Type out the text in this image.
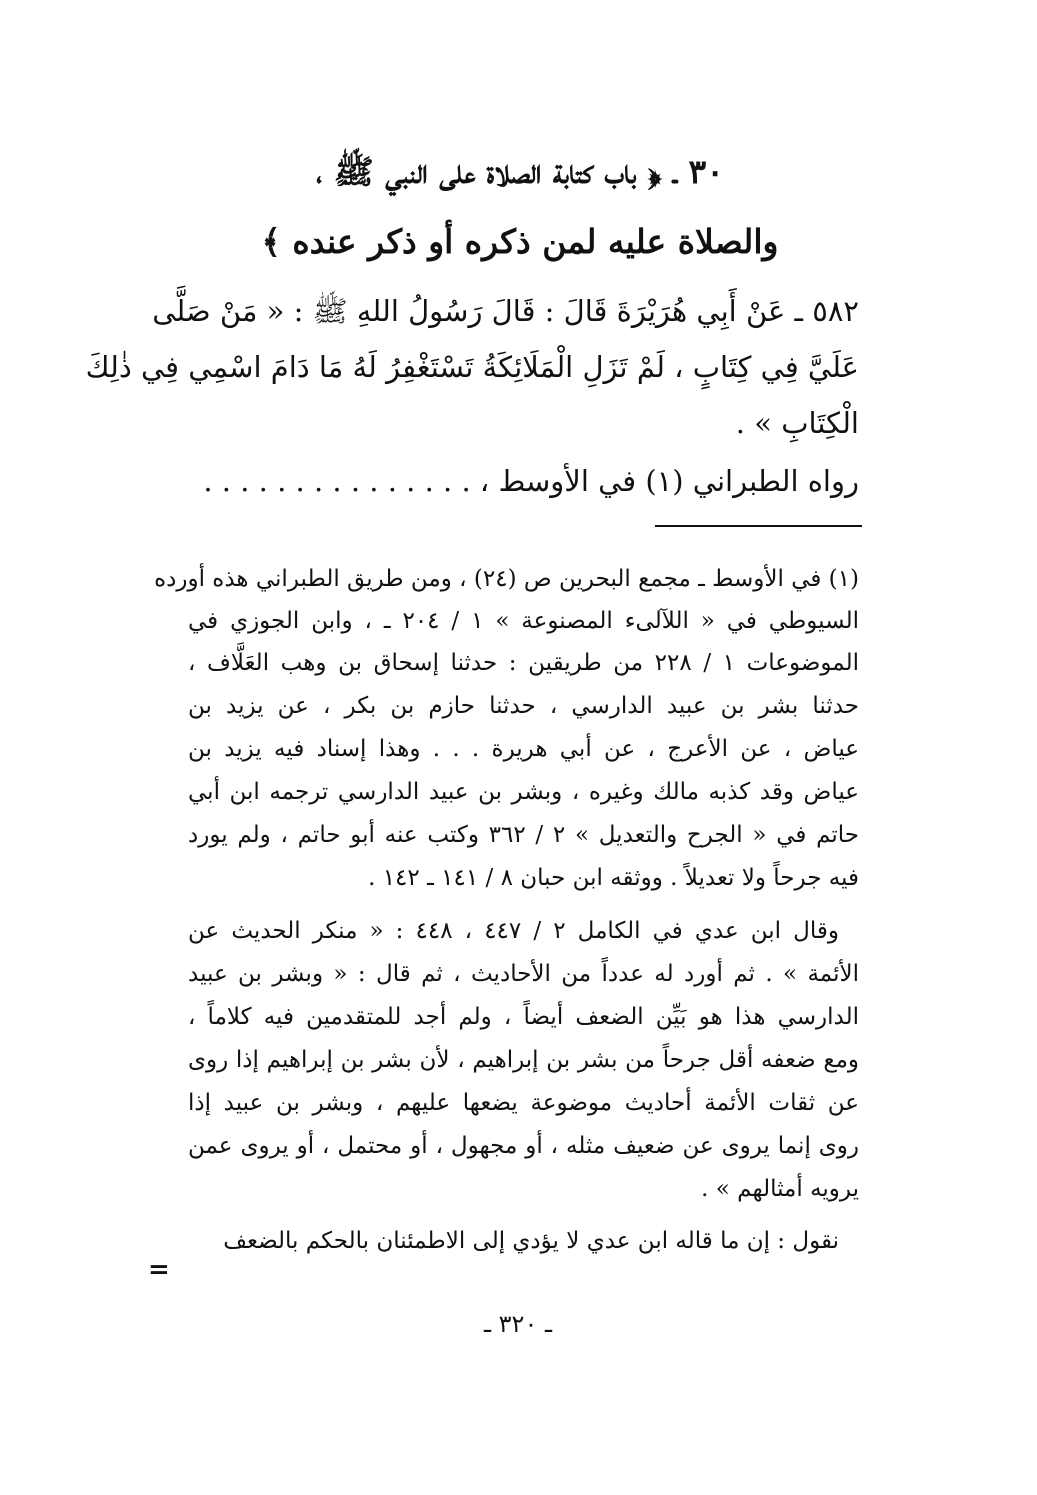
٣٠ ـ ﴿ باب كتابة الصلاة على النبي ﷺ ،
والصلاة عليه لمن ذكره أو ذكر عنده ﴾
٥٨٢ ـ عَنْ أَبِي هُرَيْرَةَ قَالَ : قَالَ رَسُولُ اللهِ ﷺ : « مَنْ صَلَّى
عَلَيَّ فِي كِتَابٍ ، لَمْ تَزَلِ الْمَلَائِكَةُ تَسْتَغْفِرُ لَهُ مَا دَامَ اسْمِي فِي ذٰلِكَ
الْكِتَابِ » .
رواه الطبراني (١) في الأوسط ، . . . . . . . . . . . . . . .
(١) في الأوسط ـ مجمع البحرين ص (٢٤) ، ومن طريق الطبراني هذه أورده
السيوطي في « اللآلىء المصنوعة » ١ / ٢٠٤ ـ ، وابن الجوزي في
الموضوعات ١ / ٢٢٨ من طريقين : حدثنا إسحاق بن وهب العَلَّاف ،
حدثنا بشر بن عبيد الدارسي ، حدثنا حازم بن بكر ، عن يزيد بن
عياض ، عن الأعرج ، عن أبي هريرة . . . وهذا إسناد فيه يزيد بن
عياض وقد كذبه مالك وغيره ، وبشر بن عبيد الدارسي ترجمه ابن أبي
حاتم في « الجرح والتعديل » ٢ / ٣٦٢ وكتب عنه أبو حاتم ، ولم يورد
فيه جرحاً ولا تعديلاً . ووثقه ابن حبان ٨ / ١٤١ ـ ١٤٢ .
وقال ابن عدي في الكامل ٢ / ٤٤٧ ، ٤٤٨ : « منكر الحديث عن
الأئمة » . ثم أورد له عدداً من الأحاديث ، ثم قال : « وبشر بن عبيد
الدارسي هذا هو بَيِّن الضعف أيضاً ، ولم أجد للمتقدمين فيه كلاماً ،
ومع ضعفه أقل جرحاً من بشر بن إبراهيم ، لأن بشر بن إبراهيم إذا روى
عن ثقات الأئمة أحاديث موضوعة يضعها عليهم ، وبشر بن عبيد إذا
روى إنما يروى عن ضعيف مثله ، أو مجهول ، أو محتمل ، أو يروى عمن
يرويه أمثالهم » .
نقول : إن ما قاله ابن عدي لا يؤدي إلى الاطمئنان بالحكم بالضعف
=
ـ ٣٢٠ ـ
